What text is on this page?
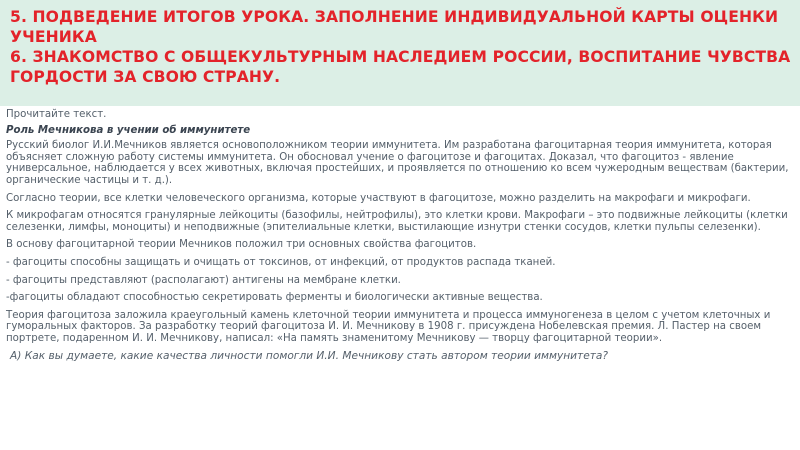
5. ПОДВЕДЕНИЕ ИТОГОВ УРОКА. ЗАПОЛНЕНИЕ ИНДИВИДУАЛЬНОЙ КАРТЫ ОЦЕНКИ
УЧЕНИКА
6. ЗНАКОМСТВО С ОБЩЕКУЛЬТУРНЫМ НАСЛЕДИЕМ РОССИИ, ВОСПИТАНИЕ ЧУВСТВА
ГОРДОСТИ ЗА СВОЮ СТРАНУ.

Прочитайте текст.

Роль Мечникова в учении об иммунитете

Русский биолог И.И.Мечников является основоположником теории иммунитета. Им разработана фагоцитарная теория иммунитета, которая объясняет сложную работу системы иммунитета. Он обосновал учение о фагоцитозе и фагоцитах. Доказал, что фагоцитоз - явление универсальное, наблюдается у всех животных, включая простейших, и проявляется по отношению ко всем чужеродным веществам (бактерии, органические частицы и т. д.).

Согласно теории, все клетки человеческого организма, которые участвуют в фагоцитозе, можно разделить на макрофаги и микрофаги.

К микрофагам относятся гранулярные лейкоциты (базофилы, нейтрофилы), это клетки крови. Макрофаги – это подвижные лейкоциты (клетки селезенки, лимфы, моноциты) и неподвижные (эпителиальные клетки, выстилающие изнутри стенки сосудов, клетки пульпы селезенки).

В основу фагоцитарной теории Мечников положил три основных свойства фагоцитов.

- фагоциты способны защищать и очищать от токсинов, от инфекций, от продуктов распада тканей.

- фагоциты представляют (располагают) антигены на мембране клетки.

-фагоциты обладают способностью секретировать ферменты и биологически активные вещества.

Теория фагоцитоза заложила краеугольный камень клеточной теории иммунитета и процесса иммуногенеза в целом с учетом клеточных и гуморальных факторов. За разработку теорий фагоцитоза И. И. Мечникову в 1908 г. присуждена Нобелевская премия. Л. Пастер на своем портрете, подаренном И. И. Мечникову, написал: «На память знаменитому Мечникову — творцу фагоцитарной теории».

А) Как вы думаете, какие качества личности помогли И.И. Мечникову стать автором теории иммунитета?
